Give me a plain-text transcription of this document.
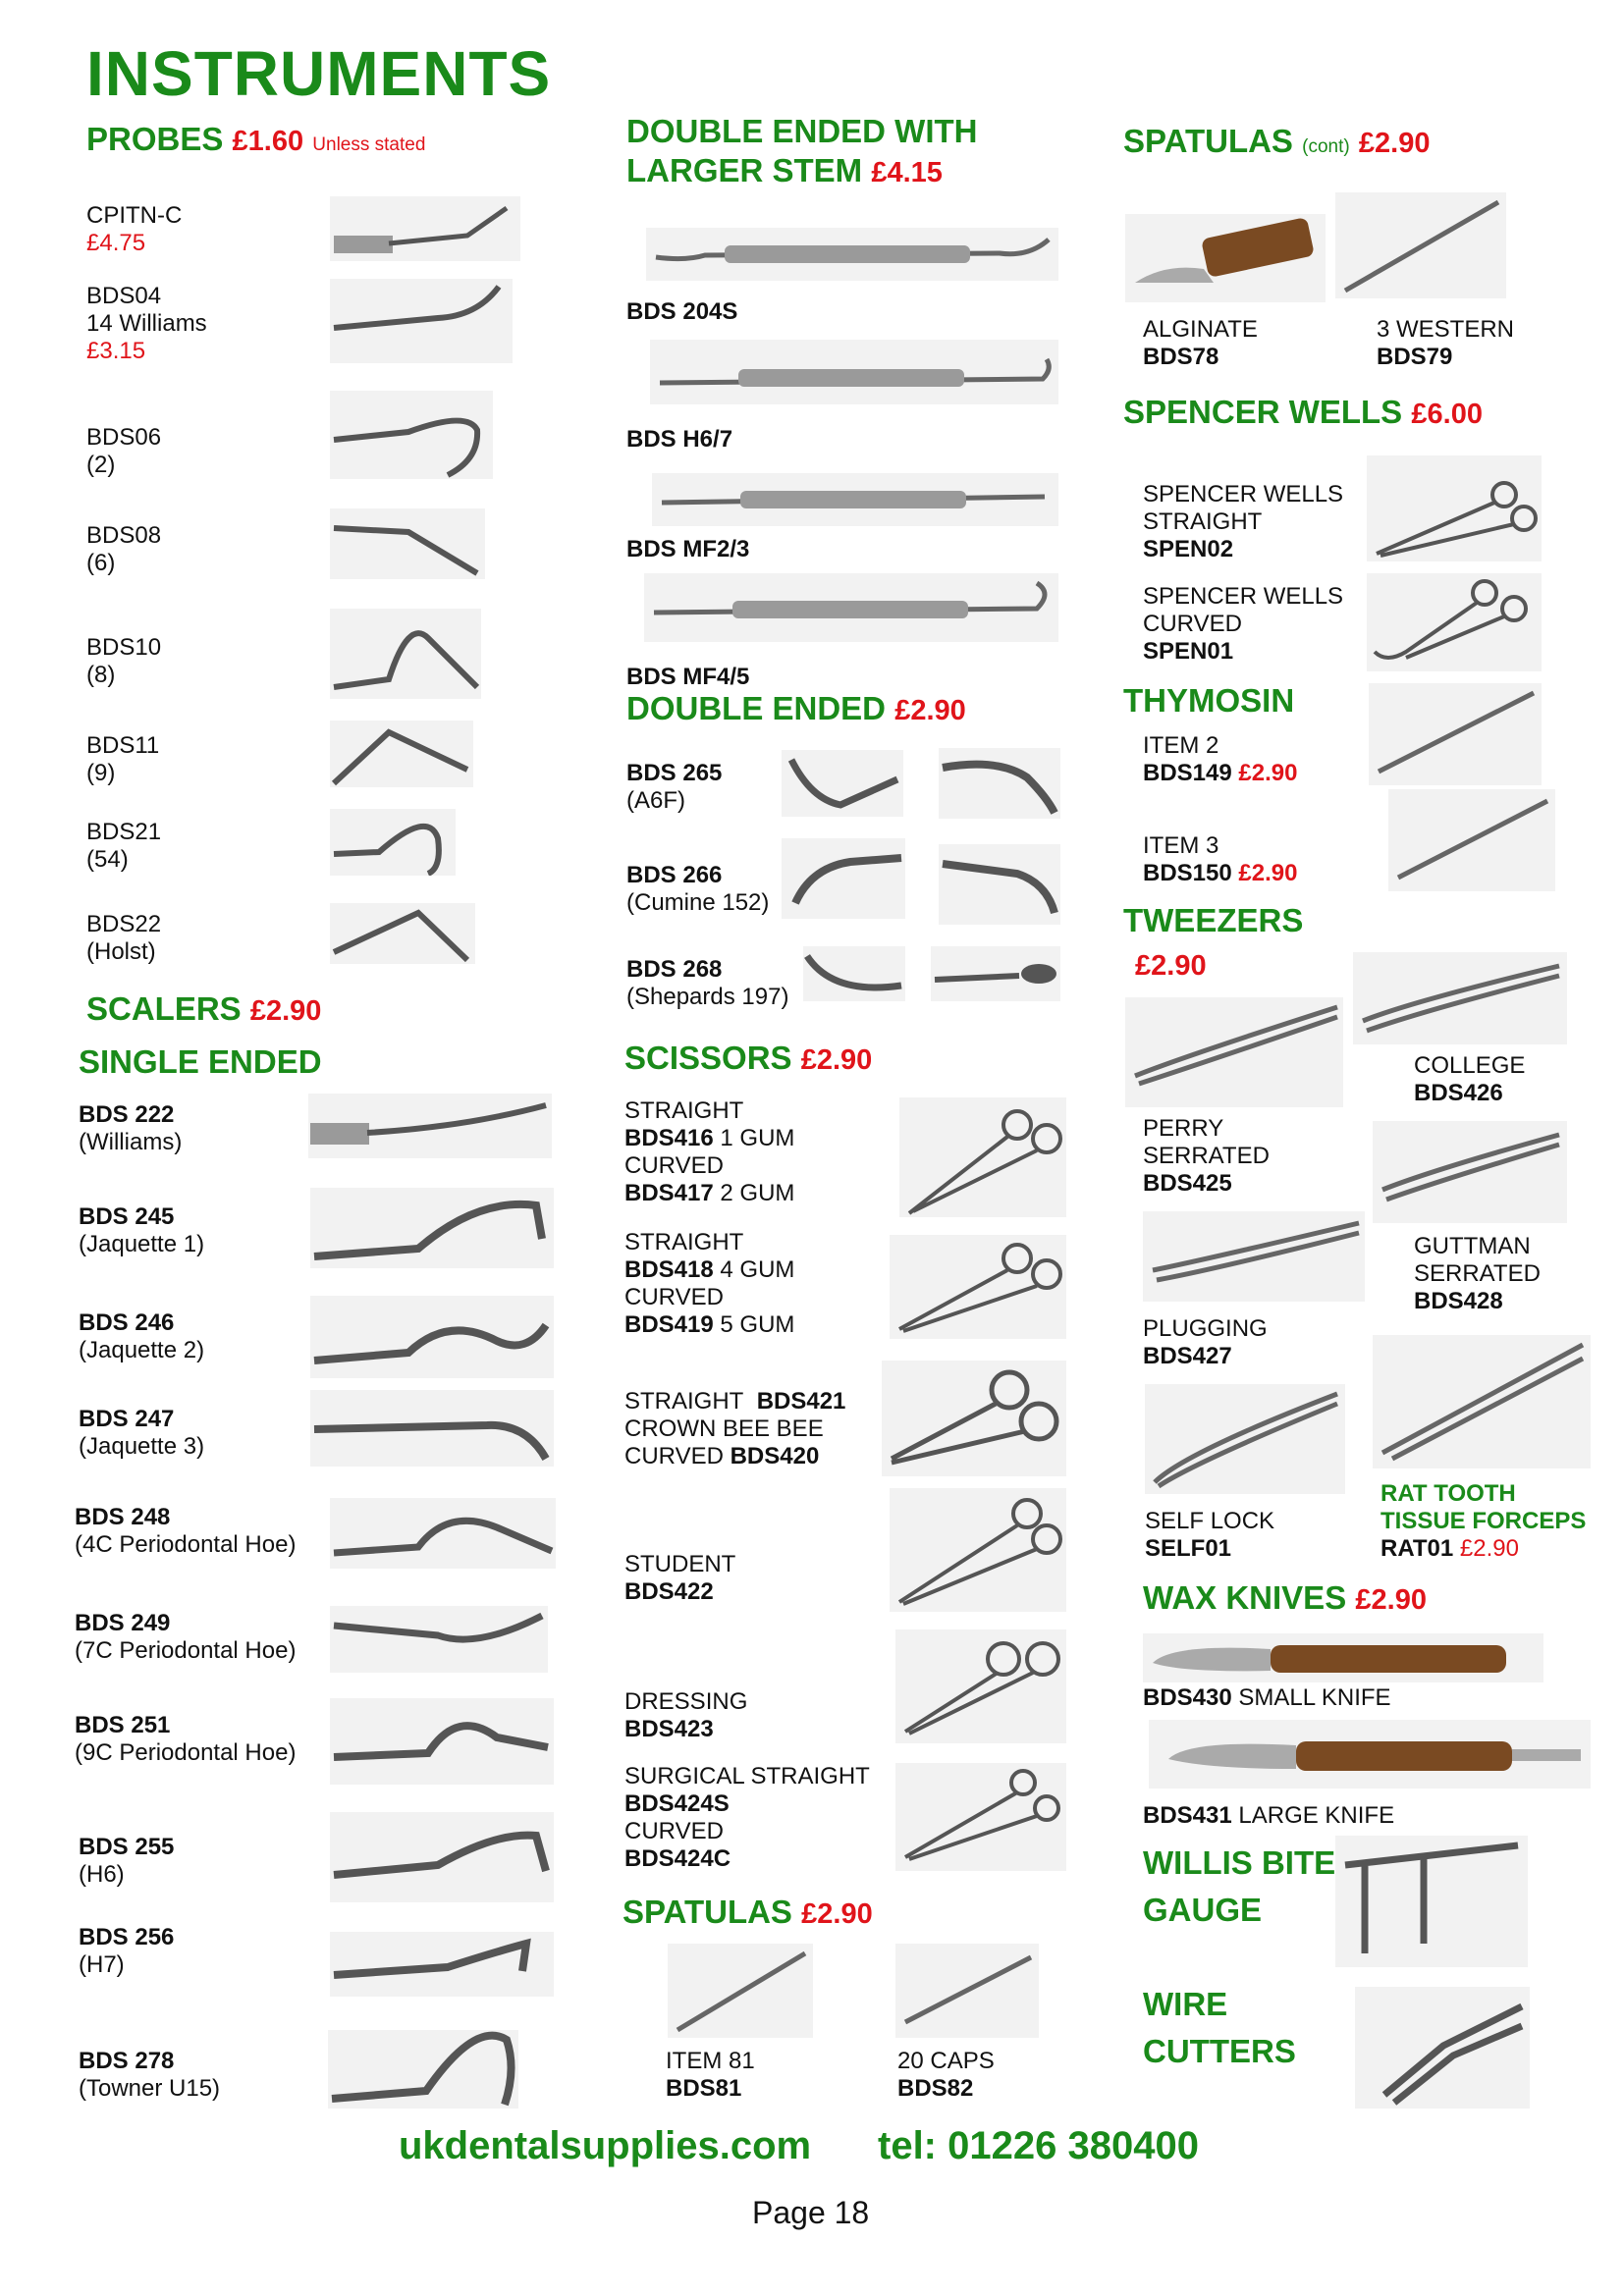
INSTRUMENTS
PROBES £1.60 Unless stated
CPITN-C
£4.75
BDS04
14 Williams
£3.15
BDS06
(2)
BDS08
(6)
BDS10
(8)
BDS11
(9)
BDS21
(54)
BDS22
(Holst)
SCALERS £2.90
SINGLE ENDED
BDS 222
(Williams)
BDS 245
(Jaquette 1)
BDS 246
(Jaquette 2)
BDS 247
(Jaquette 3)
BDS 248
(4C Periodontal Hoe)
BDS 249
(7C Periodontal Hoe)
BDS 251
(9C Periodontal Hoe)
BDS 255
(H6)
BDS 256
(H7)
BDS 278
(Towner U15)
DOUBLE ENDED WITH
LARGER STEM £4.15
BDS 204S
BDS H6/7
BDS MF2/3
BDS MF4/5
DOUBLE ENDED £2.90
BDS 265
(A6F)
BDS 266
(Cumine 152)
BDS 268
(Shepards 197)
SCISSORS £2.90
STRAIGHT
BDS416 1 GUM
CURVED
BDS417 2 GUM
STRAIGHT
BDS418 4 GUM
CURVED
BDS419 5 GUM
STRAIGHT BDS421
CROWN BEE BEE
CURVED BDS420
STUDENT
BDS422
DRESSING
BDS423
SURGICAL STRAIGHT
BDS424S
CURVED
BDS424C
SPATULAS £2.90
ITEM 81
BDS81
20 CAPS
BDS82
SPATULAS (cont) £2.90
ALGINATE
BDS78
3 WESTERN
BDS79
SPENCER WELLS £6.00
SPENCER WELLS
STRAIGHT
SPEN02
SPENCER WELLS
CURVED
SPEN01
THYMOSIN
ITEM 2
BDS149 £2.90
ITEM 3
BDS150 £2.90
TWEEZERS
£2.90
COLLEGE
BDS426
PERRY
SERRATED
BDS425
GUTTMAN
SERRATED
BDS428
PLUGGING
BDS427
SELF LOCK
SELF01
RAT TOOTH
TISSUE FORCEPS
RAT01 £2.90
WAX KNIVES £2.90
BDS430 SMALL KNIFE
BDS431 LARGE KNIFE
WILLIS BITE
GAUGE
WIRE
CUTTERS
ukdentalsupplies.com tel: 01226 380400
Page 18
